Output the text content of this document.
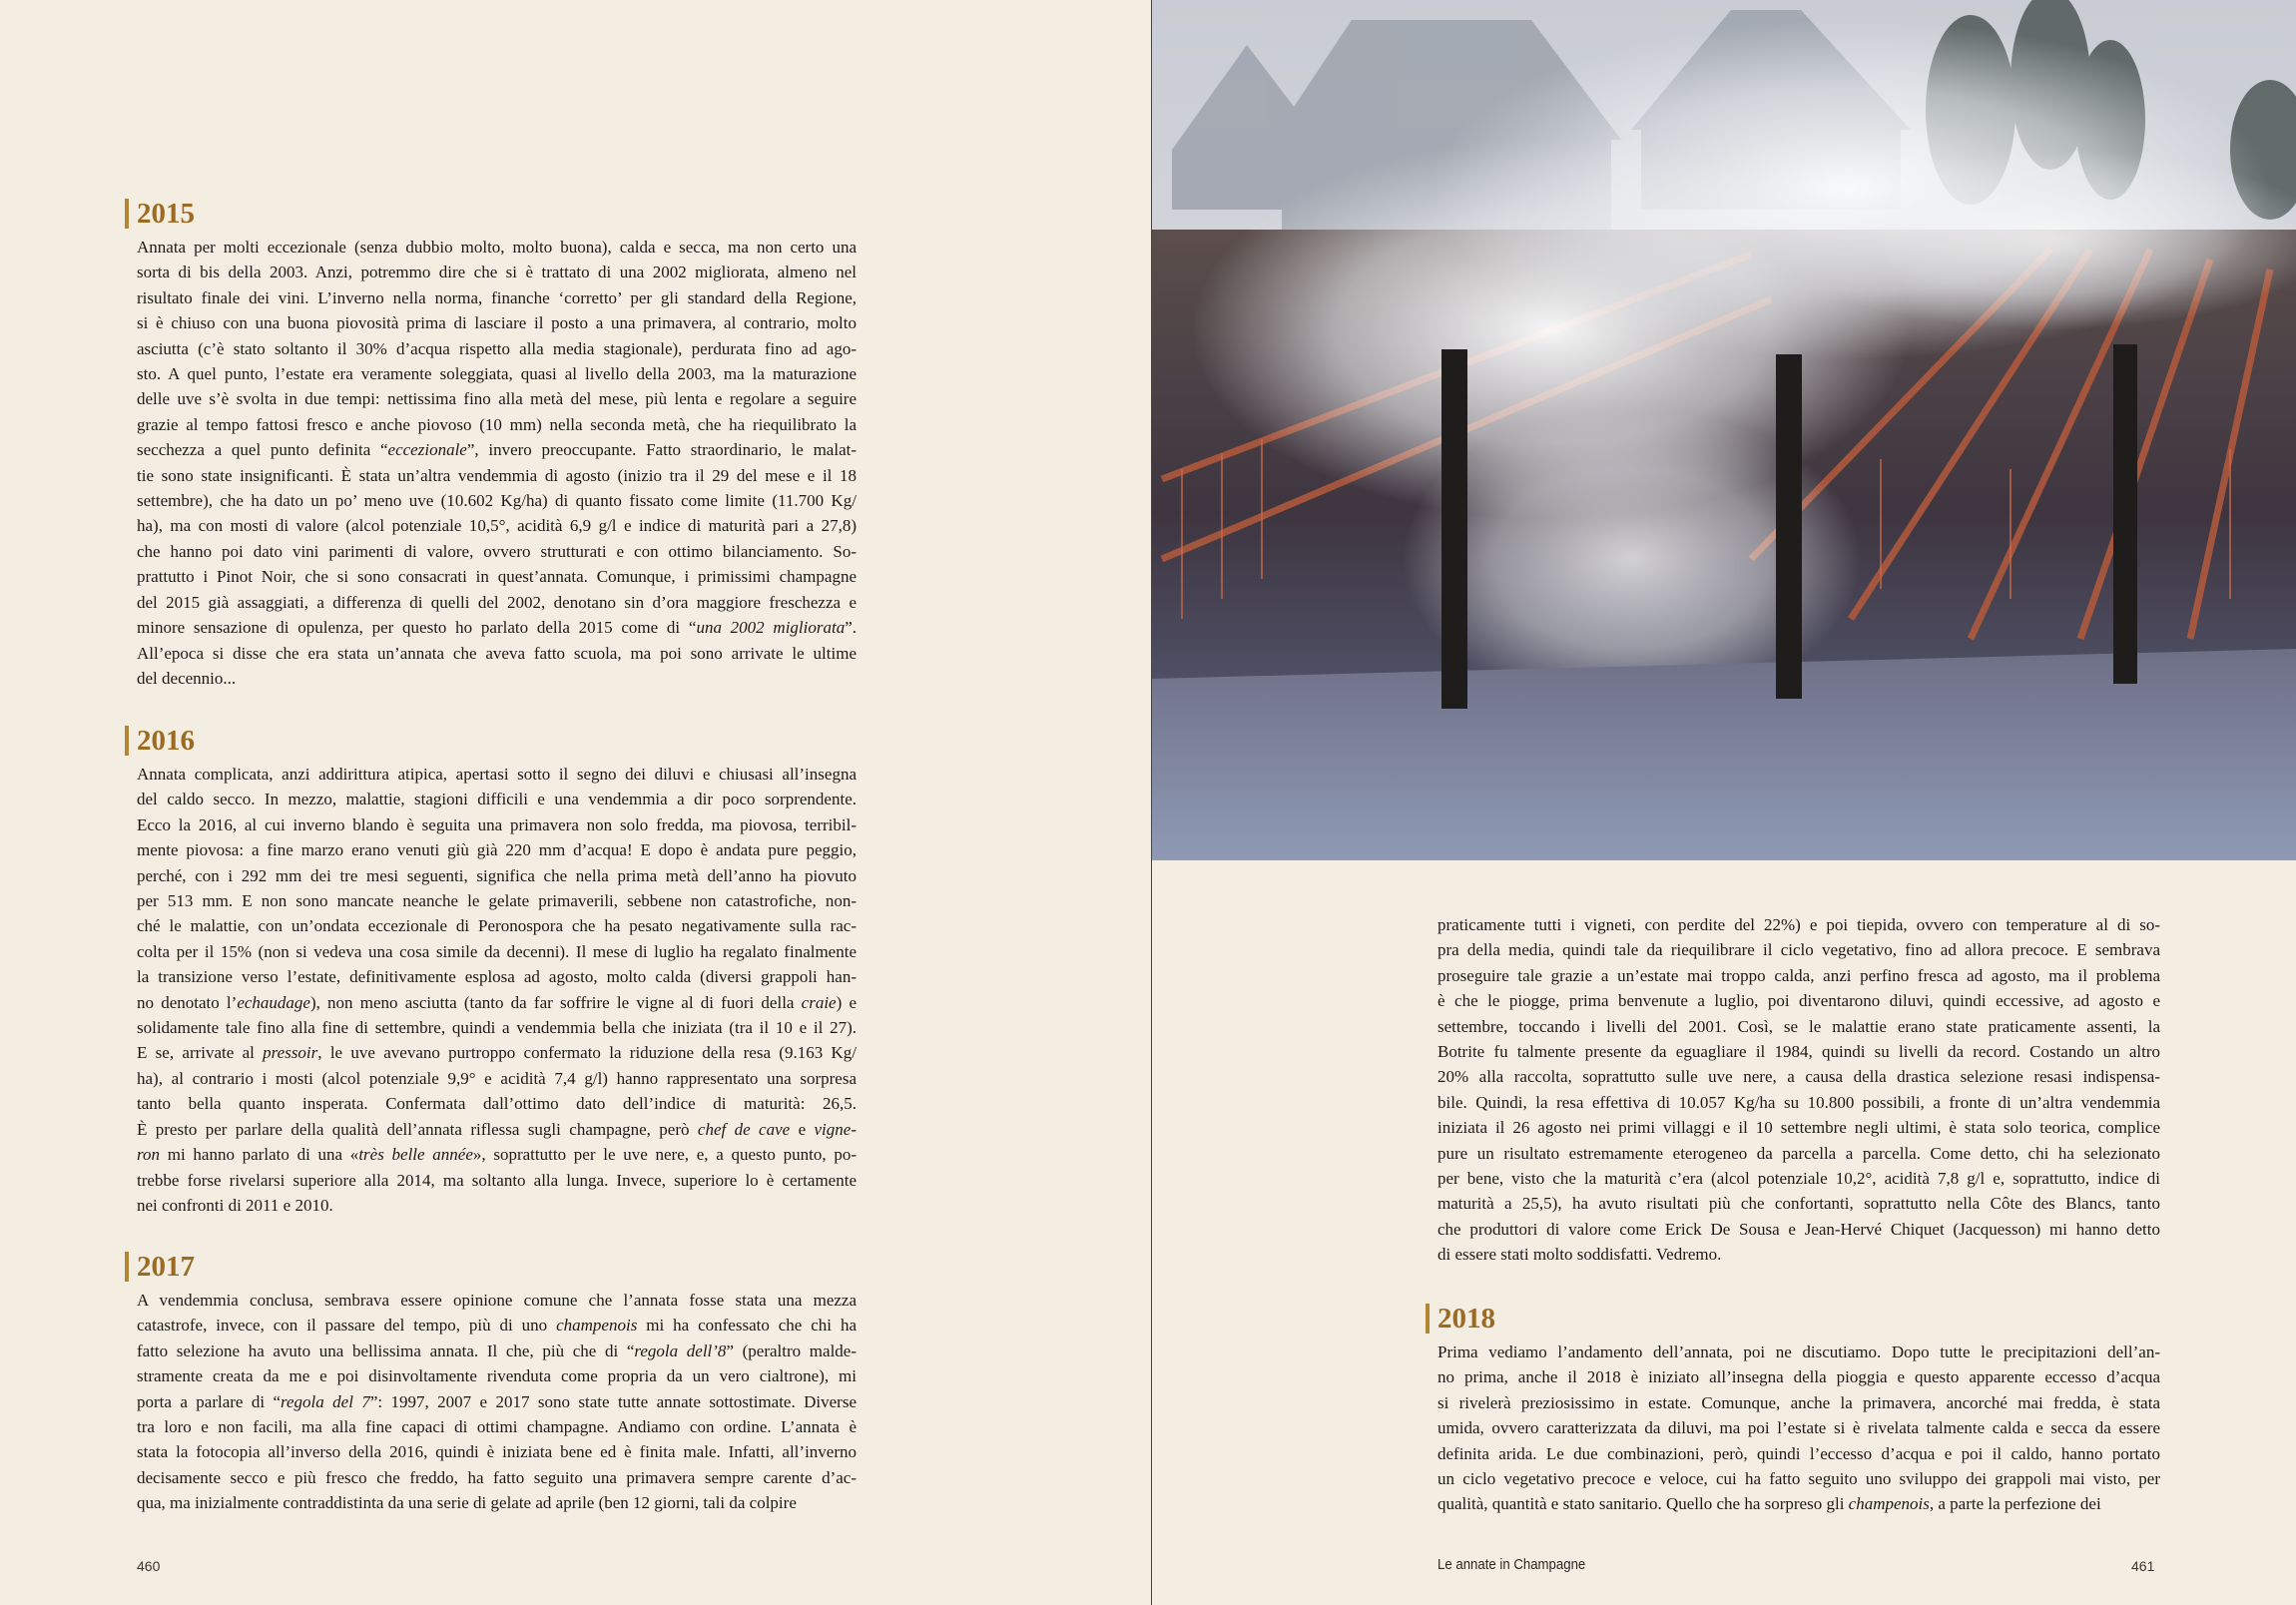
2015
Annata per molti eccezionale (senza dubbio molto, molto buona), calda e secca, ma non certo una
sorta di bis della 2003. Anzi, potremmo dire che si è trattato di una 2002 migliorata, almeno nel
risultato finale dei vini. L’inverno nella norma, finanche ‘corretto’ per gli standard della Regione,
si è chiuso con una buona piovosità prima di lasciare il posto a una primavera, al contrario, molto
asciutta (c’è stato soltanto il 30% d’acqua rispetto alla media stagionale), perdurata fino ad ago-
sto. A quel punto, l’estate era veramente soleggiata, quasi al livello della 2003, ma la maturazione
delle uve s’è svolta in due tempi: nettissima fino alla metà del mese, più lenta e regolare a seguire
grazie al tempo fattosi fresco e anche piovoso (10 mm) nella seconda metà, che ha riequilibrato la
secchezza a quel punto definita “eccezionale”, invero preoccupante. Fatto straordinario, le malat-
tie sono state insignificanti. È stata un’altra vendemmia di agosto (inizio tra il 29 del mese e il 18
settembre), che ha dato un po’ meno uve (10.602 Kg/ha) di quanto fissato come limite (11.700 Kg/
ha), ma con mosti di valore (alcol potenziale 10,5°, acidità 6,9 g/l e indice di maturità pari a 27,8)
che hanno poi dato vini parimenti di valore, ovvero strutturati e con ottimo bilanciamento. So-
prattutto i Pinot Noir, che si sono consacrati in quest’annata. Comunque, i primissimi champagne
del 2015 già assaggiati, a differenza di quelli del 2002, denotano sin d’ora maggiore freschezza e
minore sensazione di opulenza, per questo ho parlato della 2015 come di “una 2002 migliorata”.
All’epoca si disse che era stata un’annata che aveva fatto scuola, ma poi sono arrivate le ultime
del decennio...
2016
Annata complicata, anzi addirittura atipica, apertasi sotto il segno dei diluvi e chiusasi all’insegna
del caldo secco. In mezzo, malattie, stagioni difficili e una vendemmia a dir poco sorprendente.
Ecco la 2016, al cui inverno blando è seguita una primavera non solo fredda, ma piovosa, terribil-
mente piovosa: a fine marzo erano venuti giù già 220 mm d’acqua! E dopo è andata pure peggio,
perché, con i 292 mm dei tre mesi seguenti, significa che nella prima metà dell’anno ha piovuto
per 513 mm. E non sono mancate neanche le gelate primaverili, sebbene non catastrofiche, non-
ché le malattie, con un’ondata eccezionale di Peronospora che ha pesato negativamente sulla rac-
colta per il 15% (non si vedeva una cosa simile da decenni). Il mese di luglio ha regalato finalmente
la transizione verso l’estate, definitivamente esplosa ad agosto, molto calda (diversi grappoli han-
no denotato l’echaudage), non meno asciutta (tanto da far soffrire le vigne al di fuori della craie) e
solidamente tale fino alla fine di settembre, quindi a vendemmia bella che iniziata (tra il 10 e il 27).
E se, arrivate al pressoir, le uve avevano purtroppo confermato la riduzione della resa (9.163 Kg/
ha), al contrario i mosti (alcol potenziale 9,9° e acidità 7,4 g/l) hanno rappresentato una sorpresa
tanto bella quanto insperata. Confermata dall’ottimo dato dell’indice di maturità: 26,5.
È presto per parlare della qualità dell’annata riflessa sugli champagne, però chef de cave e vigne-
ron mi hanno parlato di una «très belle année», soprattutto per le uve nere, e, a questo punto, po-
trebbe forse rivelarsi superiore alla 2014, ma soltanto alla lunga. Invece, superiore lo è certamente
nei confronti di 2011 e 2010.
2017
A vendemmia conclusa, sembrava essere opinione comune che l’annata fosse stata una mezza
catastrofe, invece, con il passare del tempo, più di uno champenois mi ha confessato che chi ha
fatto selezione ha avuto una bellissima annata. Il che, più che di “regola dell’8” (peraltro malde-
stramente creata da me e poi disinvoltamente rivenduta come propria da un vero cialtrone), mi
porta a parlare di “regola del 7”: 1997, 2007 e 2017 sono state tutte annate sottostimate. Diverse
tra loro e non facili, ma alla fine capaci di ottimi champagne. Andiamo con ordine. L’annata è
stata la fotocopia all’inverso della 2016, quindi è iniziata bene ed è finita male. Infatti, all’inverno
decisamente secco e più fresco che freddo, ha fatto seguito una primavera sempre carente d’ac-
qua, ma inizialmente contraddistinta da una serie di gelate ad aprile (ben 12 giorni, tali da colpire
460
praticamente tutti i vigneti, con perdite del 22%) e poi tiepida, ovvero con temperature al di so-
pra della media, quindi tale da riequilibrare il ciclo vegetativo, fino ad allora precoce. E sembrava
proseguire tale grazie a un’estate mai troppo calda, anzi perfino fresca ad agosto, ma il problema
è che le piogge, prima benvenute a luglio, poi diventarono diluvi, quindi eccessive, ad agosto e
settembre, toccando i livelli del 2001. Così, se le malattie erano state praticamente assenti, la
Botrite fu talmente presente da eguagliare il 1984, quindi su livelli da record. Costando un altro
20% alla raccolta, soprattutto sulle uve nere, a causa della drastica selezione resasi indispensa-
bile. Quindi, la resa effettiva di 10.057 Kg/ha su 10.800 possibili, a fronte di un’altra vendemmia
iniziata il 26 agosto nei primi villaggi e il 10 settembre negli ultimi, è stata solo teorica, complice
pure un risultato estremamente eterogeneo da parcella a parcella. Come detto, chi ha selezionato
per bene, visto che la maturità c’era (alcol potenziale 10,2°, acidità 7,8 g/l e, soprattutto, indice di
maturità a 25,5), ha avuto risultati più che confortanti, soprattutto nella Côte des Blancs, tanto
che produttori di valore come Erick De Sousa e Jean-Hervé Chiquet (Jacquesson) mi hanno detto
di essere stati molto soddisfatti. Vedremo.
2018
Prima vediamo l’andamento dell’annata, poi ne discutiamo. Dopo tutte le precipitazioni dell’an-
no prima, anche il 2018 è iniziato all’insegna della pioggia e questo apparente eccesso d’acqua
si rivelerà preziosissimo in estate. Comunque, anche la primavera, ancorché mai fredda, è stata
umida, ovvero caratterizzata da diluvi, ma poi l’estate si è rivelata talmente calda e secca da essere
definita arida. Le due combinazioni, però, quindi l’eccesso d’acqua e poi il caldo, hanno portato
un ciclo vegetativo precoce e veloce, cui ha fatto seguito uno sviluppo dei grappoli mai visto, per
qualità, quantità e stato sanitario. Quello che ha sorpreso gli champenois, a parte la perfezione dei
Le annate in Champagne	461
